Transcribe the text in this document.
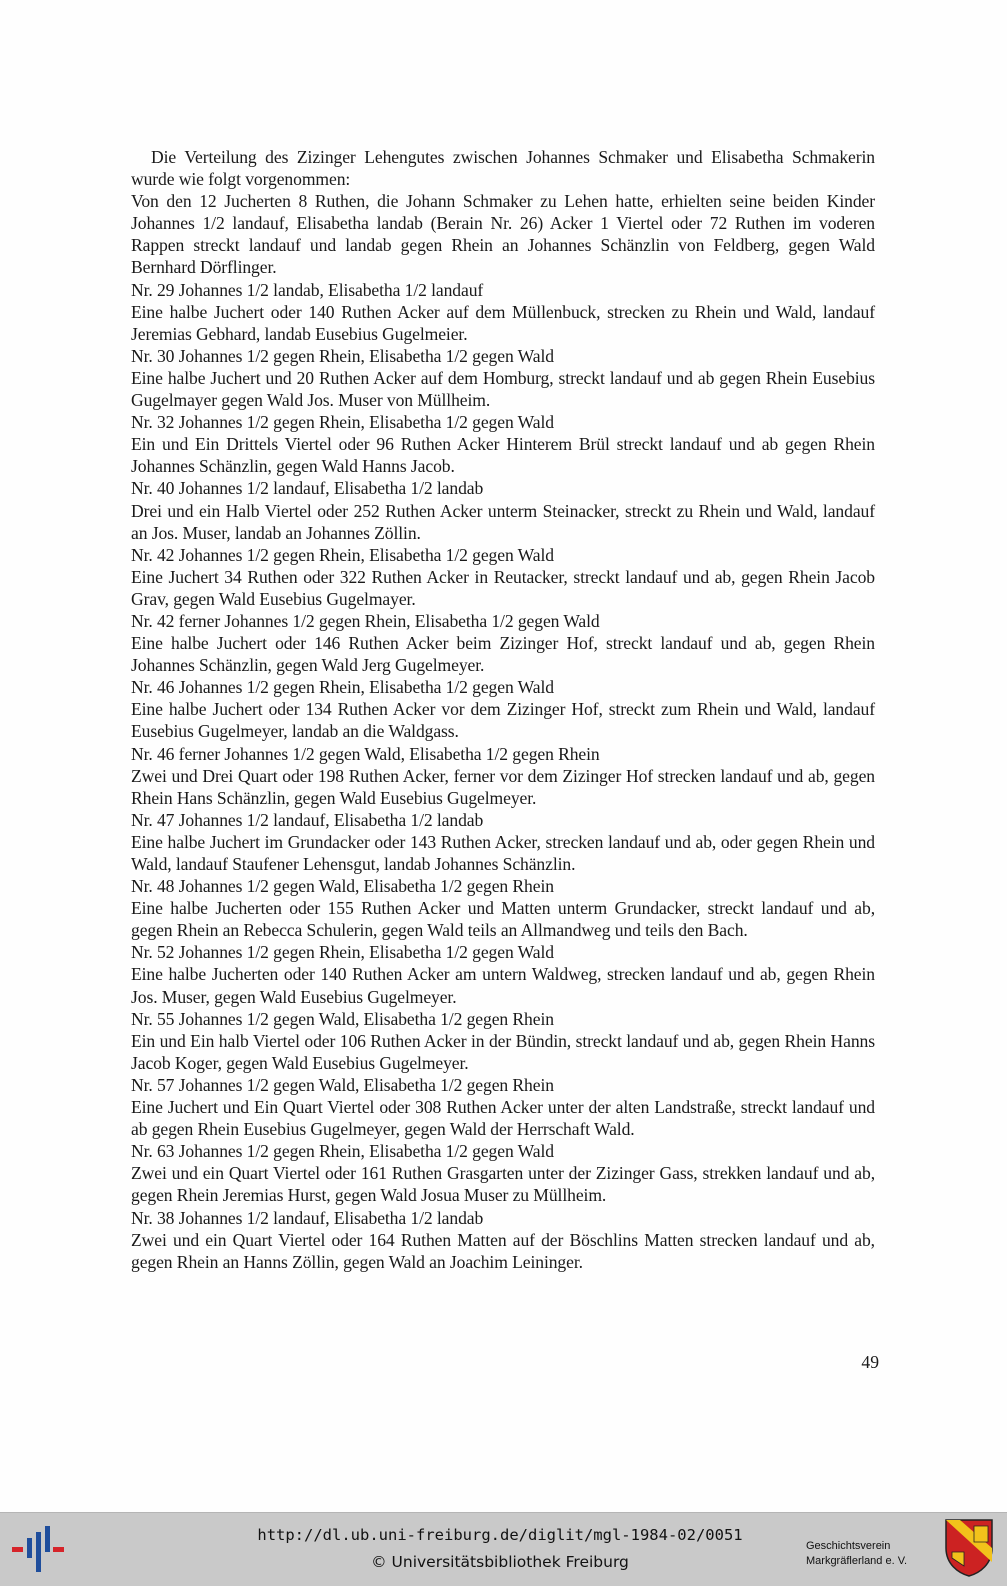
Die Verteilung des Zizinger Lehengutes zwischen Johannes Schmaker und Elisabetha Schmakerin wurde wie folgt vorgenommen:

Von den 12 Jucherten 8 Ruthen, die Johann Schmaker zu Lehen hatte, erhielten seine beiden Kinder Johannes 1/2 landauf, Elisabetha landab (Berain Nr. 26) Acker 1 Viertel oder 72 Ruthen im voderen Rappen streckt landauf und landab gegen Rhein an Johannes Schänzlin von Feldberg, gegen Wald Bernhard Dörflinger.

Nr. 29 Johannes 1/2 landab, Elisabetha 1/2 landauf

Eine halbe Juchert oder 140 Ruthen Acker auf dem Müllenbuck, strecken zu Rhein und Wald, landauf Jeremias Gebhard, landab Eusebius Gugelmeier.

Nr. 30 Johannes 1/2 gegen Rhein, Elisabetha 1/2 gegen Wald

Eine halbe Juchert und 20 Ruthen Acker auf dem Homburg, streckt landauf und ab gegen Rhein Eusebius Gugelmayer gegen Wald Jos. Muser von Müllheim.

Nr. 32 Johannes 1/2 gegen Rhein, Elisabetha 1/2 gegen Wald

Ein und Ein Drittels Viertel oder 96 Ruthen Acker Hinterem Brül streckt landauf und ab gegen Rhein Johannes Schänzlin, gegen Wald Hanns Jacob.

Nr. 40 Johannes 1/2 landauf, Elisabetha 1/2 landab

Drei und ein Halb Viertel oder 252 Ruthen Acker unterm Steinacker, streckt zu Rhein und Wald, landauf an Jos. Muser, landab an Johannes Zöllin.

Nr. 42 Johannes 1/2 gegen Rhein, Elisabetha 1/2 gegen Wald

Eine Juchert 34 Ruthen oder 322 Ruthen Acker in Reutacker, streckt landauf und ab, gegen Rhein Jacob Grav, gegen Wald Eusebius Gugelmayer.

Nr. 42 ferner Johannes 1/2 gegen Rhein, Elisabetha 1/2 gegen Wald

Eine halbe Juchert oder 146 Ruthen Acker beim Zizinger Hof, streckt landauf und ab, gegen Rhein Johannes Schänzlin, gegen Wald Jerg Gugelmeyer.

Nr. 46 Johannes 1/2 gegen Rhein, Elisabetha 1/2 gegen Wald

Eine halbe Juchert oder 134 Ruthen Acker vor dem Zizinger Hof, streckt zum Rhein und Wald, landauf Eusebius Gugelmeyer, landab an die Waldgass.

Nr. 46 ferner Johannes 1/2 gegen Wald, Elisabetha 1/2 gegen Rhein

Zwei und Drei Quart oder 198 Ruthen Acker, ferner vor dem Zizinger Hof strecken landauf und ab, gegen Rhein Hans Schänzlin, gegen Wald Eusebius Gugelmeyer.

Nr. 47 Johannes 1/2 landauf, Elisabetha 1/2 landab

Eine halbe Juchert im Grundacker oder 143 Ruthen Acker, strecken landauf und ab, oder gegen Rhein und Wald, landauf Staufener Lehensgut, landab Johannes Schänzlin.

Nr. 48 Johannes 1/2 gegen Wald, Elisabetha 1/2 gegen Rhein

Eine halbe Jucherten oder 155 Ruthen Acker und Matten unterm Grundacker, streckt landauf und ab, gegen Rhein an Rebecca Schulerin, gegen Wald teils an Allmandweg und teils den Bach.

Nr. 52 Johannes 1/2 gegen Rhein, Elisabetha 1/2 gegen Wald

Eine halbe Jucherten oder 140 Ruthen Acker am untern Waldweg, strecken landauf und ab, gegen Rhein Jos. Muser, gegen Wald Eusebius Gugelmeyer.

Nr. 55 Johannes 1/2 gegen Wald, Elisabetha 1/2 gegen Rhein

Ein und Ein halb Viertel oder 106 Ruthen Acker in der Bündin, streckt landauf und ab, gegen Rhein Hanns Jacob Koger, gegen Wald Eusebius Gugelmeyer.

Nr. 57 Johannes 1/2 gegen Wald, Elisabetha 1/2 gegen Rhein

Eine Juchert und Ein Quart Viertel oder 308 Ruthen Acker unter der alten Landstraße, streckt landauf und ab gegen Rhein Eusebius Gugelmeyer, gegen Wald der Herrschaft Wald.

Nr. 63 Johannes 1/2 gegen Rhein, Elisabetha 1/2 gegen Wald

Zwei und ein Quart Viertel oder 161 Ruthen Grasgarten unter der Zizinger Gass, strekken landauf und ab, gegen Rhein Jeremias Hurst, gegen Wald Josua Muser zu Müllheim.

Nr. 38 Johannes 1/2 landauf, Elisabetha 1/2 landab

Zwei und ein Quart Viertel oder 164 Ruthen Matten auf der Böschlins Matten strecken landauf und ab, gegen Rhein an Hanns Zöllin, gegen Wald an Joachim Leininger.

49
http://dl.ub.uni-freiburg.de/diglit/mgl-1984-02/0051
© Universitätsbibliothek Freiburg
Geschichtsverein
Markgräflerland e. V.
